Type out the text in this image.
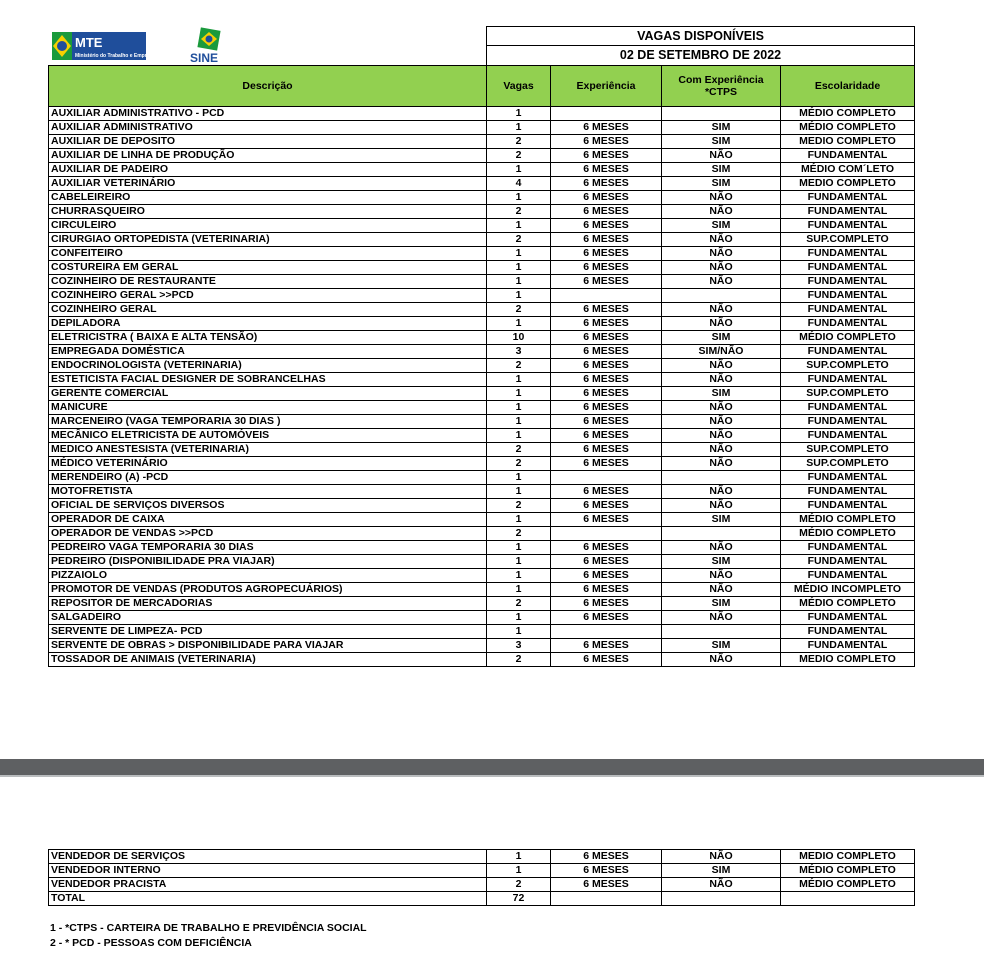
MTE
Ministério do Trabalho e Emprego SINE	VAGAS DISPONÍVEIS			
	02 DE SETEMBRO DE 2022			
Descrição	Vagas	Experiência	Com Experiência *CTPS	Escolaridade
AUXILIAR ADMINISTRATIVO - PCD	1			MÉDIO COMPLETO
AUXILIAR ADMINISTRATIVO	1	6 MESES	SIM	MÉDIO COMPLETO
AUXILIAR DE DEPOSITO	2	6 MESES	SIM	MEDIO COMPLETO
AUXILIAR DE LINHA DE PRODUÇÃO	2	6 MESES	NÃO	FUNDAMENTAL
AUXILIAR DE PADEIRO	1	6 MESES	SIM	MÉDIO COM´LETO
AUXILIAR VETERINÁRIO	4	6 MESES	SIM	MEDIO COMPLETO
CABELEIREIRO	1	6 MESES	NÃO	FUNDAMENTAL
CHURRASQUEIRO	2	6 MESES	NÃO	FUNDAMENTAL
CIRCULEIRO	1	6 MESES	SIM	FUNDAMENTAL
CIRURGIAO ORTOPEDISTA (VETERINARIA)	2	6 MESES	NÃO	SUP.COMPLETO
CONFEITEIRO	1	6 MESES	NÃO	FUNDAMENTAL
COSTUREIRA EM GERAL	1	6 MESES	NÃO	FUNDAMENTAL
COZINHEIRO DE RESTAURANTE	1	6 MESES	NÃO	FUNDAMENTAL
COZINHEIRO GERAL >>PCD	1			FUNDAMENTAL
COZINHEIRO GERAL	2	6 MESES	NÃO	FUNDAMENTAL
DEPILADORA	1	6 MESES	NÃO	FUNDAMENTAL
ELETRICISTRA ( BAIXA E ALTA TENSÃO)	10	6 MESES	SIM	MÉDIO COMPLETO
EMPREGADA DOMÉSTICA	3	6 MESES	SIM/NÃO	FUNDAMENTAL
ENDOCRINOLOGISTA (VETERINARIA)	2	6 MESES	NÃO	SUP.COMPLETO
ESTETICISTA FACIAL DESIGNER DE SOBRANCELHAS	1	6 MESES	NÃO	FUNDAMENTAL
GERENTE COMERCIAL	1	6 MESES	SIM	SUP.COMPLETO
MANICURE	1	6 MESES	NÃO	FUNDAMENTAL
MARCENEIRO (VAGA TEMPORARIA 30 DIAS )	1	6 MESES	NÃO	FUNDAMENTAL
MECÂNICO ELETRICISTA DE AUTOMÓVEIS	1	6 MESES	NÃO	FUNDAMENTAL
MEDICO ANESTESISTA (VETERINARIA)	2	6 MESES	NÃO	SUP.COMPLETO
MÉDICO VETERINÁRIO	2	6 MESES	NÃO	SUP.COMPLETO
MERENDEIRO (A) -PCD	1			FUNDAMENTAL
MOTOFRETISTA	1	6 MESES	NÃO	FUNDAMENTAL
OFICIAL DE SERVIÇOS DIVERSOS	2	6 MESES	NÃO	FUNDAMENTAL
OPERADOR DE CAIXA	1	6 MESES	SIM	MÉDIO COMPLETO
OPERADOR DE VENDAS >>PCD	2			MÉDIO COMPLETO
PEDREIRO VAGA TEMPORARIA 30 DIAS	1	6 MESES	NÃO	FUNDAMENTAL
PEDREIRO (DISPONIBILIDADE PRA VIAJAR)	1	6 MESES	SIM	FUNDAMENTAL
PIZZAIOLO	1	6 MESES	NÃO	FUNDAMENTAL
PROMOTOR DE VENDAS (PRODUTOS AGROPECUÁRIOS)	1	6 MESES	NÃO	MÉDIO INCOMPLETO
REPOSITOR DE MERCADORIAS	2	6 MESES	SIM	MÉDIO COMPLETO
SALGADEIRO	1	6 MESES	NÃO	FUNDAMENTAL
SERVENTE DE LIMPEZA- PCD	1			FUNDAMENTAL
SERVENTE DE OBRAS > DISPONIBILIDADE PARA VIAJAR	3	6 MESES	SIM	FUNDAMENTAL
TOSSADOR DE ANIMAIS (VETERINARIA)	2	6 MESES	NÃO	MEDIO COMPLETO
VENDEDOR DE SERVIÇOS	1	6 MESES	NÃO	MEDIO COMPLETO
VENDEDOR INTERNO	1	6 MESES	SIM	MÉDIO COMPLETO
VENDEDOR PRACISTA	2	6 MESES	NÃO	MÉDIO COMPLETO
TOTAL	72			
1 - *CTPS - CARTEIRA DE TRABALHO E PREVIDÊNCIA SOCIAL
2 - * PCD - PESSOAS COM DEFICIÊNCIA
